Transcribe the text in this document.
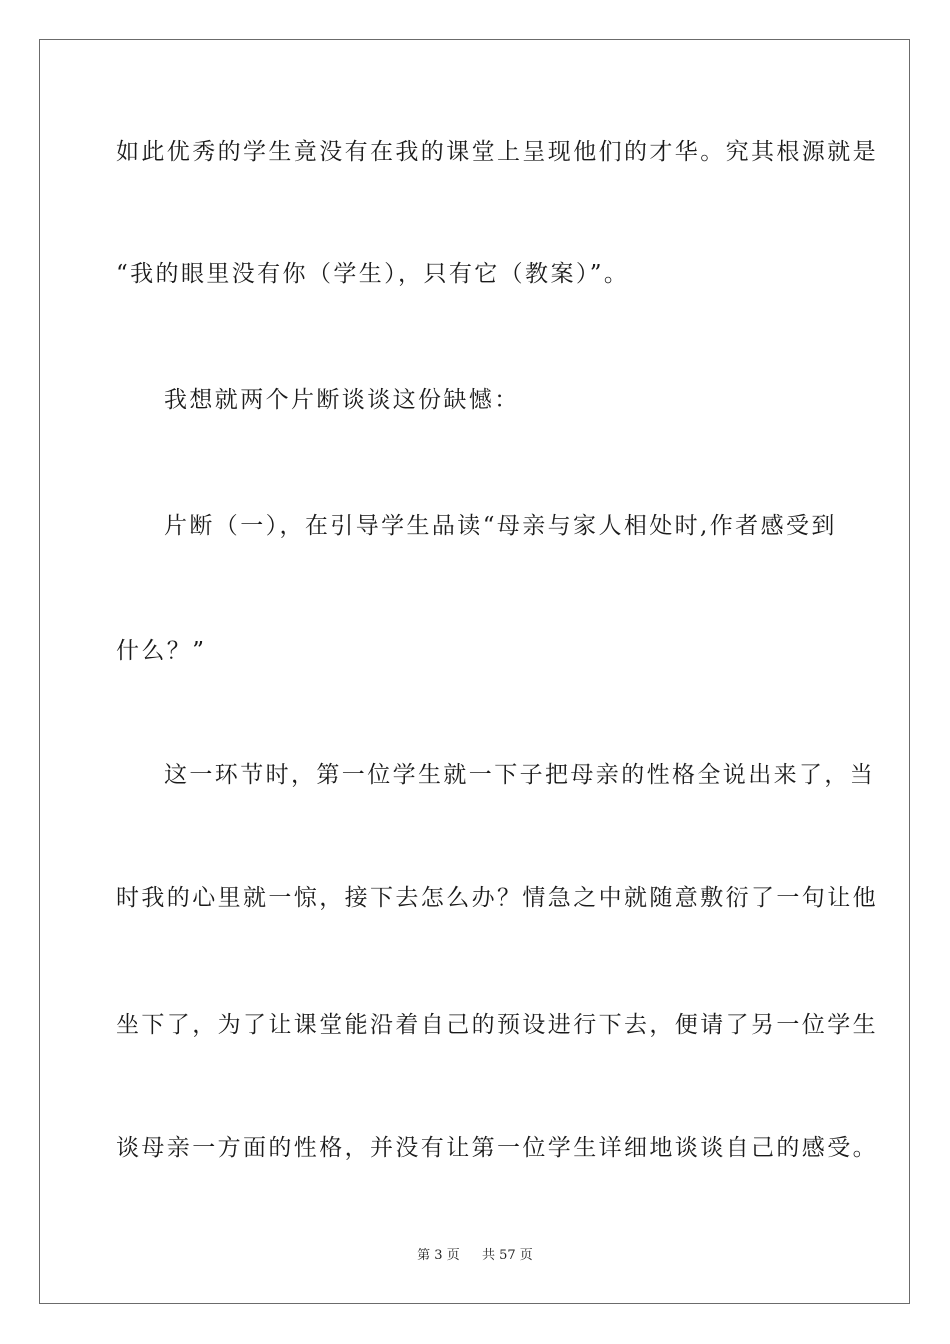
如此优秀的学生竟没有在我的课堂上呈现他们的才华。究其根源就是
“我的眼里没有你（学生），只有它（教案）”。
我想就两个片断谈谈这份缺憾：
片断（一），在引导学生品读“母亲与家人相处时,作者感受到
什么？”
这一环节时，第一位学生就一下子把母亲的性格全说出来了，当
时我的心里就一惊，接下去怎么办？情急之中就随意敷衍了一句让他
坐下了，为了让课堂能沿着自己的预设进行下去，便请了另一位学生
谈母亲一方面的性格，并没有让第一位学生详细地谈谈自己的感受。
第 3 页 共 57 页
